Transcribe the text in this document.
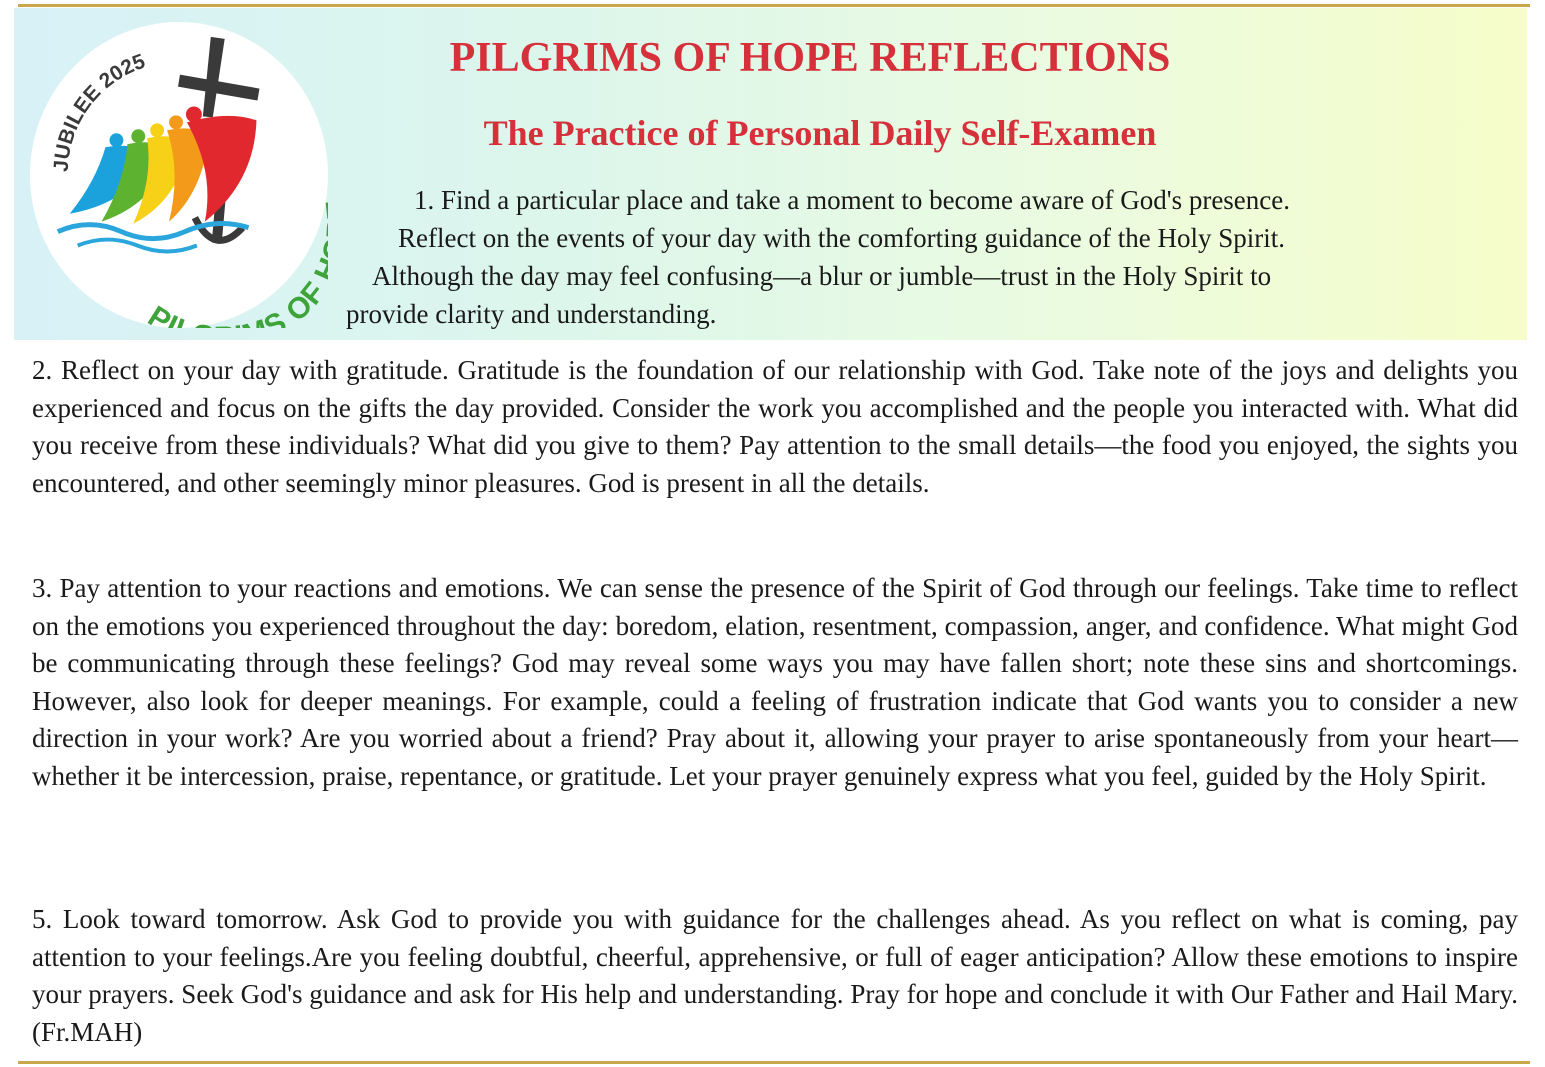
JUBILEE 2025
PI S O
PILGRIMS OF HOPE REFLECTIONS
The Practice of Personal Daily Self-Examen

1. Find a particular place and take a moment to become aware of God's presence.
Reflect on the events of your day with the comforting guidance of the Holy Spirit.
Although the day may feel confusing—a blur or jumble—trust in the Holy Spirit to
provide clarity and understanding.

2. Reflect on your day with gratitude. Gratitude is the foundation of our relationship with God. Take note of the joys and delights you experienced and focus on the gifts the day provided. Consider the work you accomplished and the people you interacted with. What did you receive from these individuals? What did you give to them? Pay attention to the small details—the food you enjoyed, the sights you encountered, and other seemingly minor pleasures. God is present in all the details.

3. Pay attention to your reactions and emotions. We can sense the presence of the Spirit of God through our feelings. Take time to reflect on the emotions you experienced throughout the day: boredom, elation, resentment, compassion, anger, and confidence. What might God be communicating through these feelings? God may reveal some ways you may have fallen short; note these sins and shortcomings. However, also look for deeper meanings. For example, could a feeling of frustration indicate that God wants you to consider a new direction in your work? Are you worried about a friend? Pray about it, allowing your prayer to arise spontaneously from your heart—whether it be intercession, praise, repentance, or gratitude. Let your prayer genuinely express what you feel, guided by the Holy Spirit.

5. Look toward tomorrow. Ask God to provide you with guidance for the challenges ahead. As you reflect on what is coming, pay attention to your feelings.Are you feeling doubtful, cheerful, apprehensive, or full of eager anticipation? Allow these emotions to inspire your prayers. Seek God's guidance and ask for His help and understanding. Pray for hope and conclude it with Our Father and Hail Mary. (Fr.MAH)
